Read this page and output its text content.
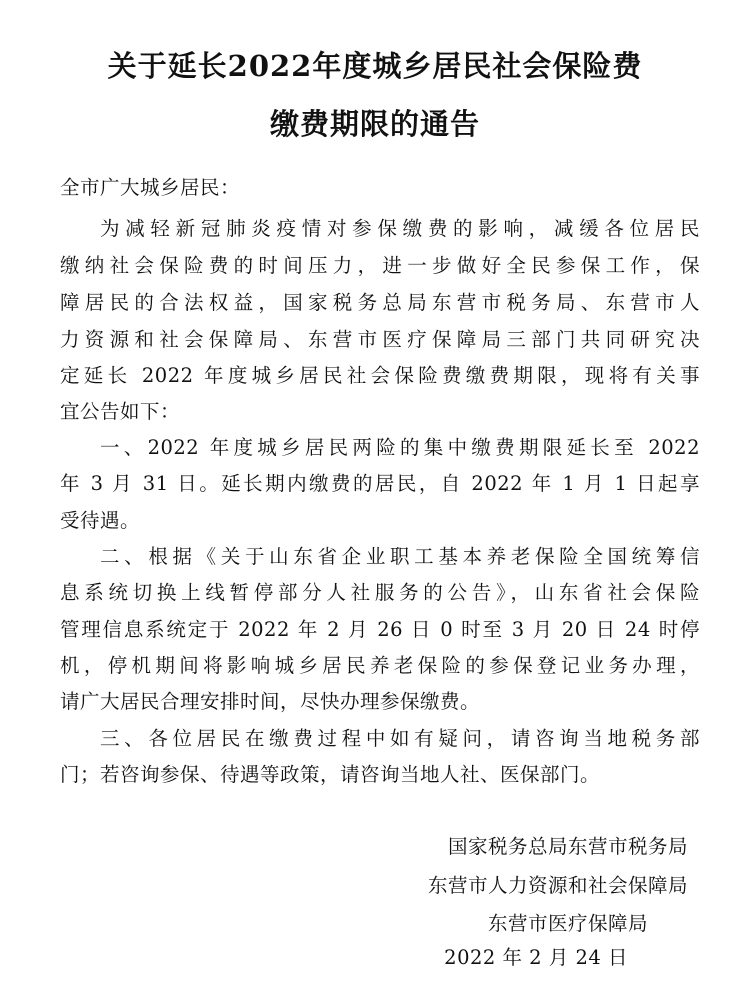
关于延长2022年度城乡居民社会保险费
缴费期限的通告
全市广大城乡居民：
为减轻新冠肺炎疫情对参保缴费的影响，减缓各位居民
缴纳社会保险费的时间压力，进一步做好全民参保工作，保
障居民的合法权益，国家税务总局东营市税务局、东营市人
力资源和社会保障局、东营市医疗保障局三部门共同研究决
定延长 2022 年度城乡居民社会保险费缴费期限，现将有关事
宜公告如下：
一、2022 年度城乡居民两险的集中缴费期限延长至 2022
年 3 月 31 日。延长期内缴费的居民，自 2022 年 1 月 1 日起享
受待遇。
二、根据《关于山东省企业职工基本养老保险全国统筹信
息系统切换上线暂停部分人社服务的公告》，山东省社会保险
管理信息系统定于 2022 年 2 月 26 日 0 时至 3 月 20 日 24 时停
机，停机期间将影响城乡居民养老保险的参保登记业务办理，
请广大居民合理安排时间，尽快办理参保缴费。
三、各位居民在缴费过程中如有疑问，请咨询当地税务部
门；若咨询参保、待遇等政策，请咨询当地人社、医保部门。
国家税务总局东营市税务局
东营市人力资源和社会保障局
东营市医疗保障局
2022 年 2 月 24 日
